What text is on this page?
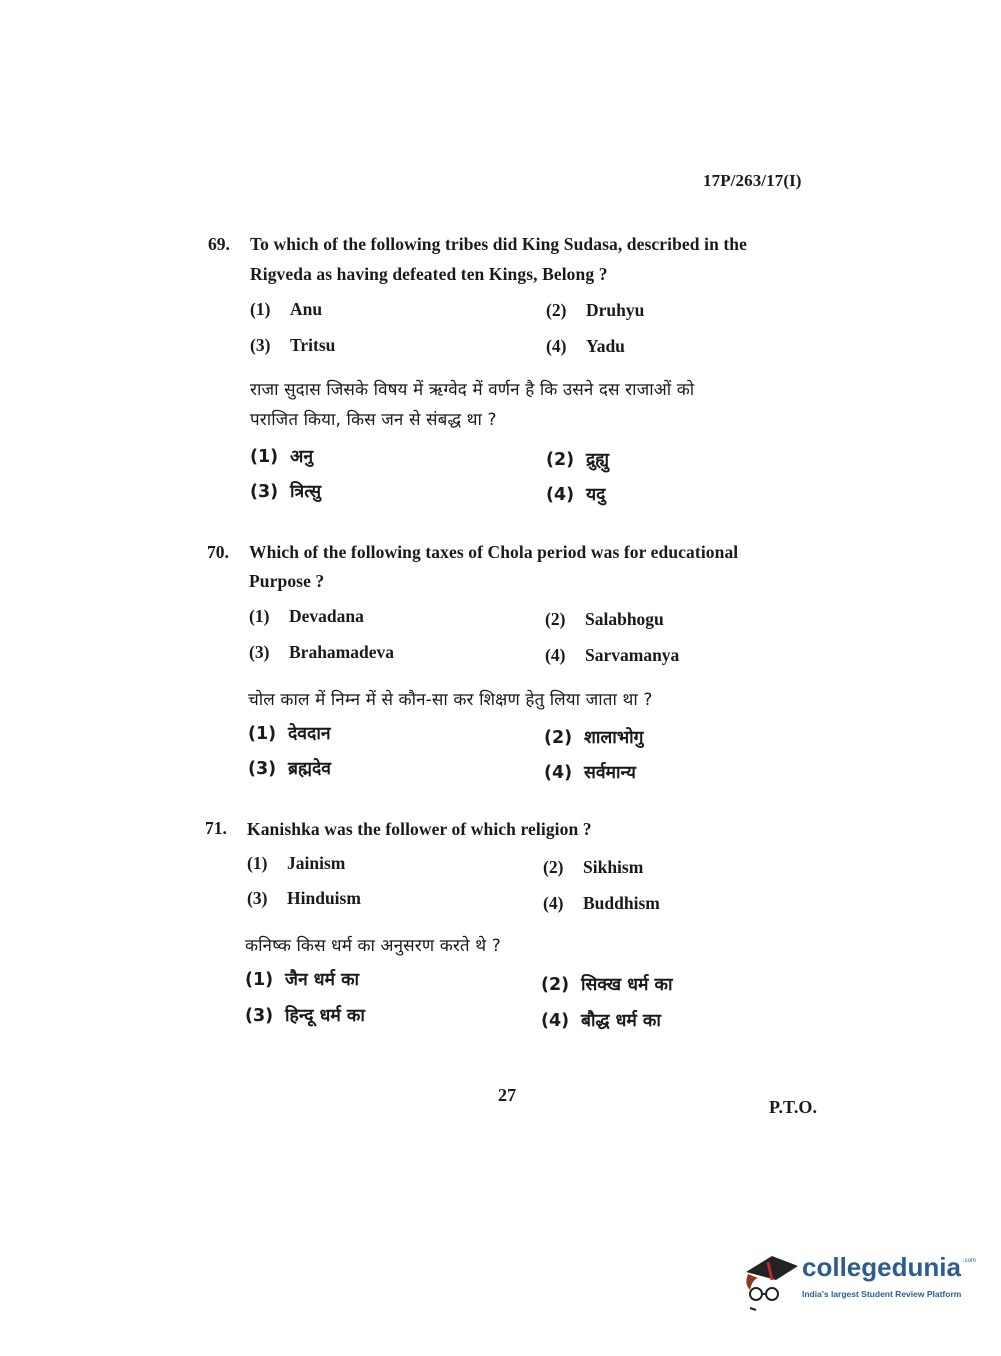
17P/263/17(I)
69. To which of the following tribes did King Sudasa, described in the
Rigveda as having defeated ten Kings, Belong ?
(1) Anu	(2) Druhyu
(3) Tritsu	(4) Yadu
राजा सुदास जिसके विषय में ऋग्वेद में वर्णन है कि उसने दस राजाओं को
पराजित किया, किस जन से संबद्ध था ?
(1) अनु	(2) द्रुह्यु
(3) त्रित्सु	(4) यदु
70. Which of the following taxes of Chola period was for educational
Purpose ?
(1) Devadana	(2) Salabhogu
(3) Brahamadeva	(4) Sarvamanya
चोल काल में निम्न में से कौन-सा कर शिक्षण हेतु लिया जाता था ?
(1) देवदान	(2) शालाभोगु
(3) ब्रह्मदेव	(4) सर्वमान्य
71. Kanishka was the follower of which religion ?
(1) Jainism	(2) Sikhism
(3) Hinduism	(4) Buddhism
कनिष्क किस धर्म का अनुसरण करते थे ?
(1) जैन धर्म का	(2) सिक्ख धर्म का
(3) हिन्दू धर्म का	(4) बौद्ध धर्म का
27
P.T.O.
collegedunia .com
India's largest Student Review Platform
